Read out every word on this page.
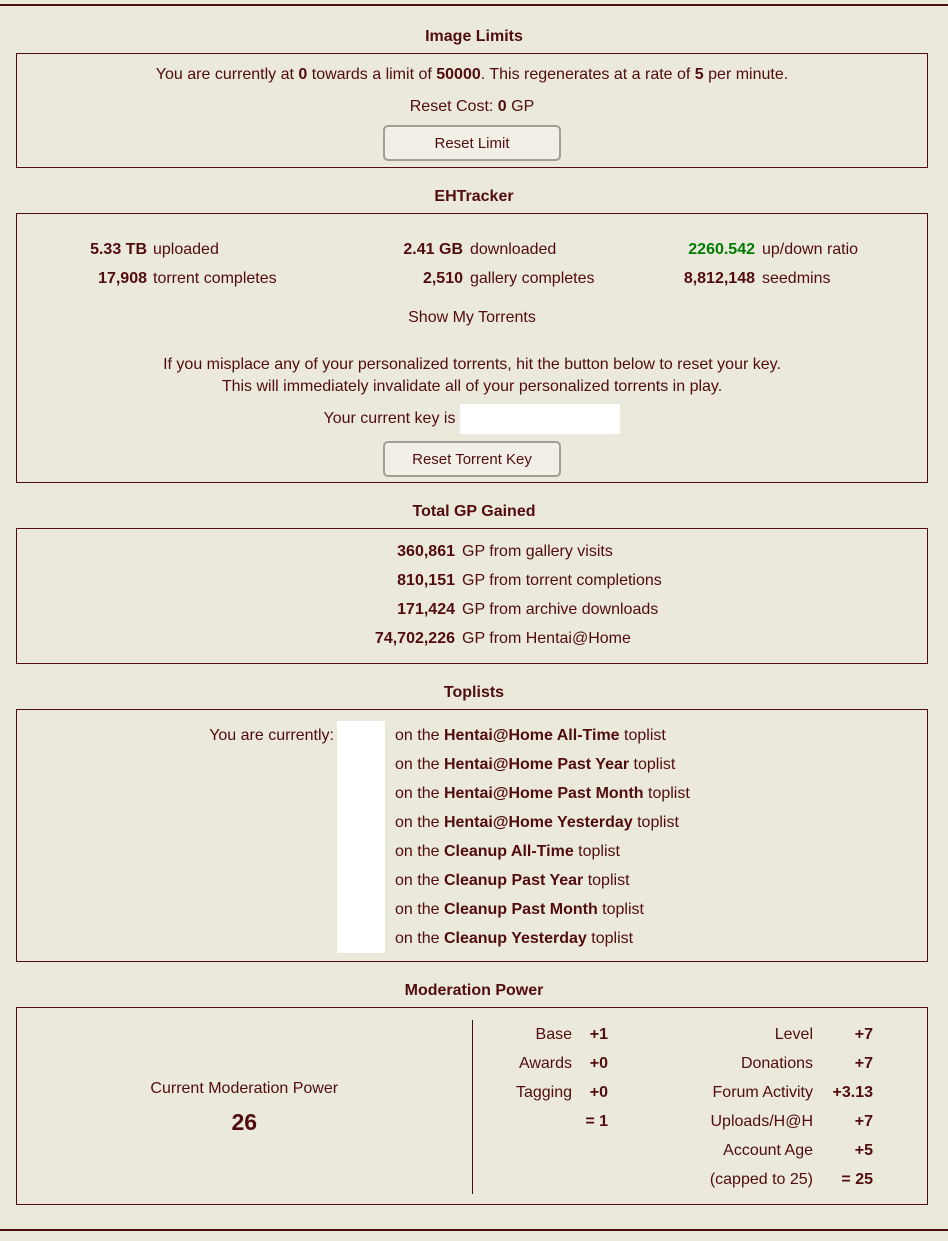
Image Limits
You are currently at 0 towards a limit of 50000. This regenerates at a rate of 5 per minute.
Reset Cost: 0 GP
Reset Limit
EHTracker
5.33 TB	uploaded	2.41 GB	downloaded	2260.542	up/down ratio
17,908	torrent completes	2,510	gallery completes	8,812,148	seedmins
Show My Torrents
If you misplace any of your personalized torrents, hit the button below to reset your key.
This will immediately invalidate all of your personalized torrents in play.
Your current key is
Reset Torrent Key
Total GP Gained
360,861	GP from gallery visits
810,151	GP from torrent completions
171,424	GP from archive downloads
74,702,226	GP from Hentai@Home
Toplists
You are currently:		on the Hentai@Home All-Time toplist
on the Hentai@Home Past Year toplist
on the Hentai@Home Past Month toplist
on the Hentai@Home Yesterday toplist
on the Cleanup All-Time toplist
on the Cleanup Past Year toplist
on the Cleanup Past Month toplist
on the Cleanup Yesterday toplist
Moderation Power
Current Moderation Power
26	Base	+1	Level	+7
	Awards	+0	Donations	+7
	Tagging	+0	Forum Activity	+3.13
		= 1	Uploads/H@H	+7
			Account Age	+5
			(capped to 25)	= 25
